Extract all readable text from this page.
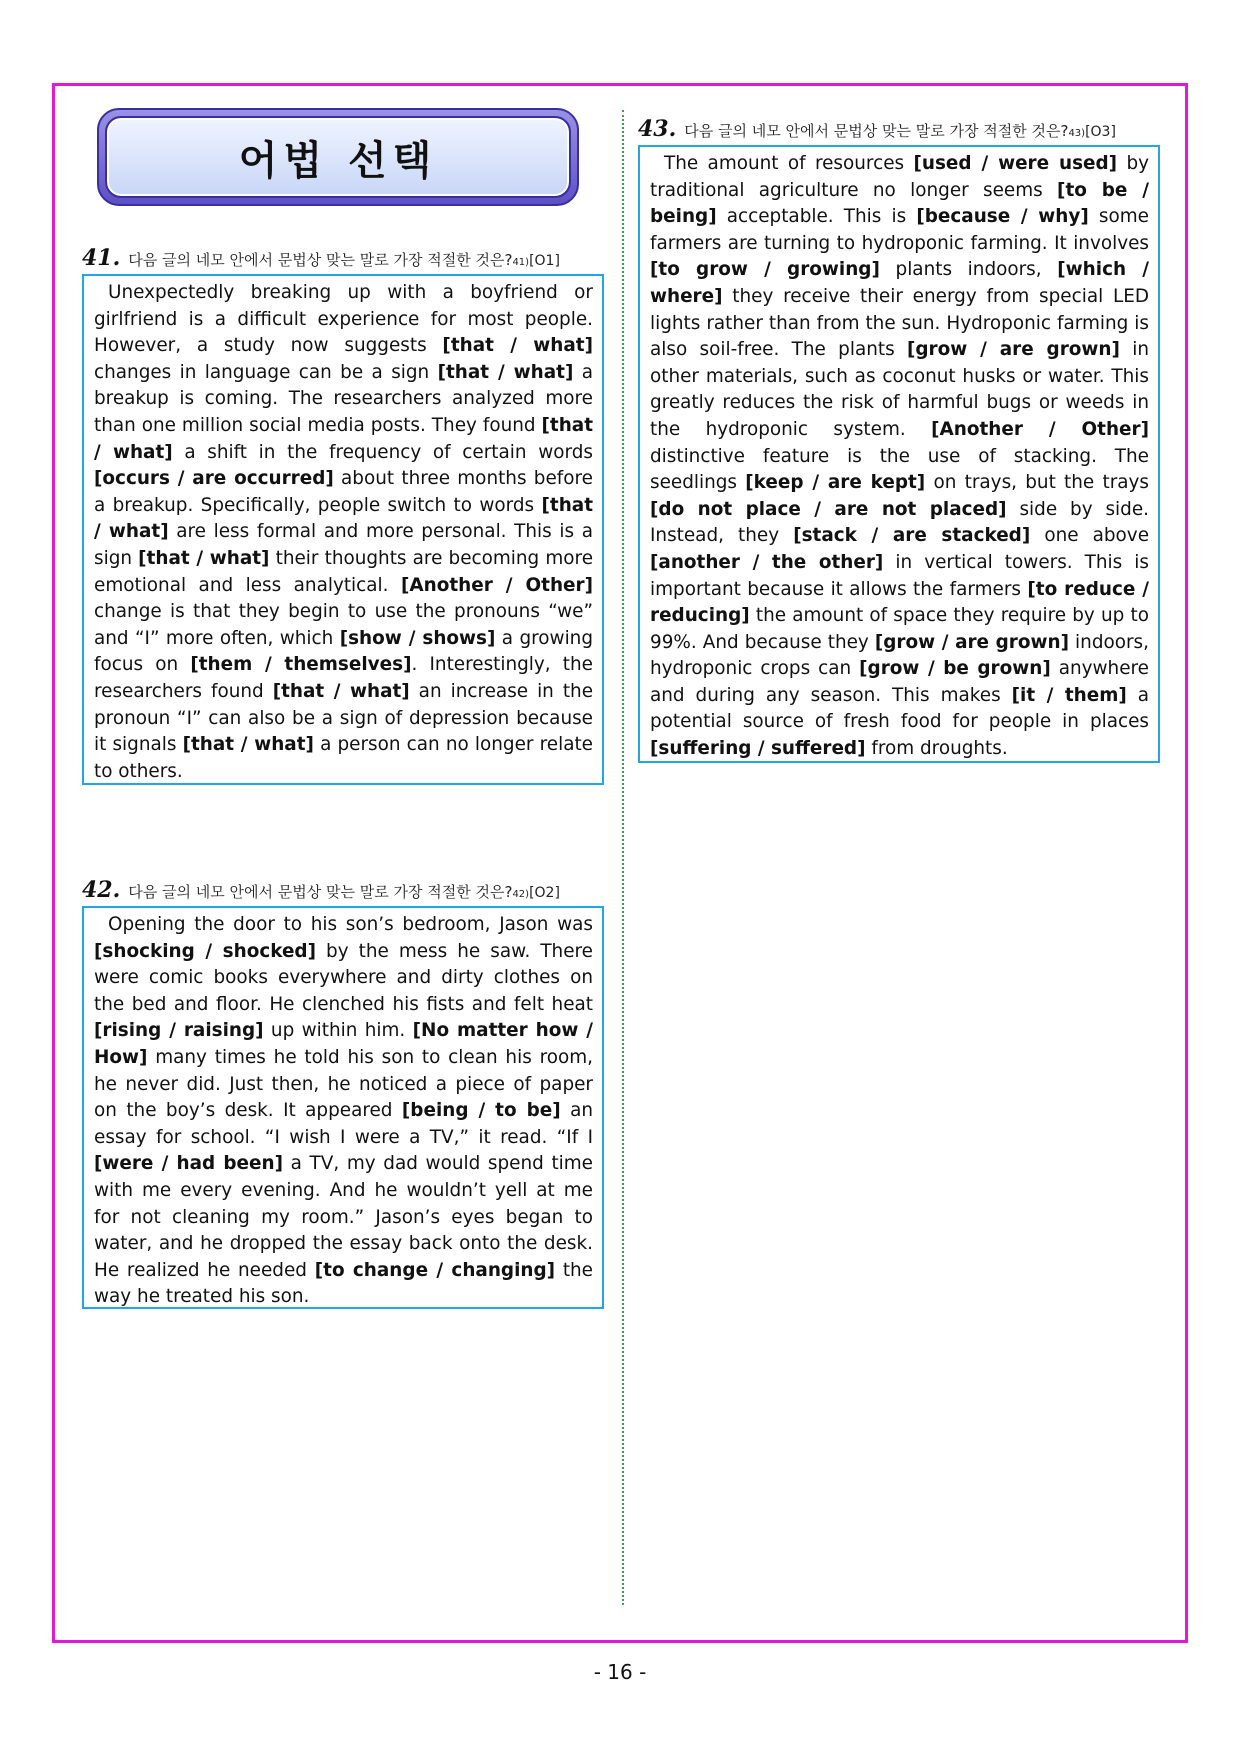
어법 선택
41. 다음 글의 네모 안에서 문법상 맞는 말로 가장 적절한 것은? 41) [O1]
Unexpectedly breaking up with a boyfriend or girlfriend is a difficult experience for most people. However, a study now suggests [that / what] changes in language can be a sign [that / what] a breakup is coming. The researchers analyzed more than one million social media posts. They found [that / what] a shift in the frequency of certain words [occurs / are occurred] about three months before a breakup. Specifically, people switch to words [that / what] are less formal and more personal. This is a sign [that / what] their thoughts are becoming more emotional and less analytical. [Another / Other] change is that they begin to use the pronouns “we” and “I” more often, which [show / shows] a growing focus on [them / themselves]. Interestingly, the researchers found [that / what] an increase in the pronoun “I” can also be a sign of depression because it signals [that / what] a person can no longer relate to others.
42. 다음 글의 네모 안에서 문법상 맞는 말로 가장 적절한 것은? 42) [O2]
Opening the door to his son’s bedroom, Jason was [shocking / shocked] by the mess he saw. There were comic books everywhere and dirty clothes on the bed and floor. He clenched his fists and felt heat [rising / raising] up within him. [No matter how / How] many times he told his son to clean his room, he never did. Just then, he noticed a piece of paper on the boy’s desk. It appeared [being / to be] an essay for school. “I wish I were a TV,” it read. “If I [were / had been] a TV, my dad would spend time with me every evening. And he wouldn’t yell at me for not cleaning my room.” Jason’s eyes began to water, and he dropped the essay back onto the desk. He realized he needed [to change / changing] the way he treated his son.
43. 다음 글의 네모 안에서 문법상 맞는 말로 가장 적절한 것은? 43) [O3]
The amount of resources [used / were used] by traditional agriculture no longer seems [to be / being] acceptable. This is [because / why] some farmers are turning to hydroponic farming. It involves [to grow / growing] plants indoors, [which / where] they receive their energy from special LED lights rather than from the sun. Hydroponic farming is also soil-free. The plants [grow / are grown] in other materials, such as coconut husks or water. This greatly reduces the risk of harmful bugs or weeds in the hydroponic system. [Another / Other] distinctive feature is the use of stacking. The seedlings [keep / are kept] on trays, but the trays [do not place / are not placed] side by side. Instead, they [stack / are stacked] one above [another / the other] in vertical towers. This is important because it allows the farmers [to reduce / reducing] the amount of space they require by up to 99%. And because they [grow / are grown] indoors, hydroponic crops can [grow / be grown] anywhere and during any season. This makes [it / them] a potential source of fresh food for people in places [suffering / suffered] from droughts.
- 16 -
